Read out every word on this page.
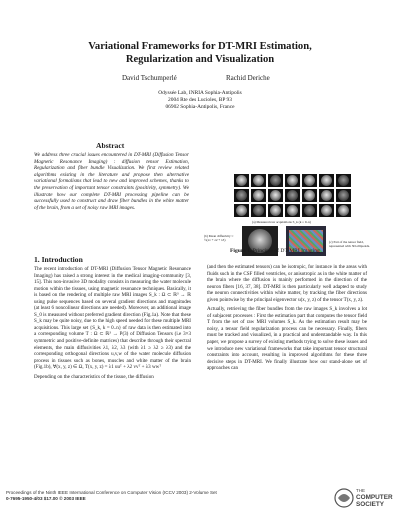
Variational Frameworks for DT-MRI Estimation,
Regularization and Visualization
David Tschumperlé	Rachid Deriche
Odyssée Lab, INRIA Sophia-Antipolis
2004 Rte des Lucioles, BP 93
06902 Sophia-Antipolis, France
Abstract
We address three crucial issues encountered in DT-MRI (Diffusion Tensor Magnetic Resonance Imaging) : diffusion tensor Estimation, Regularization and fiber bundle Visualization. We first review related algorithms existing in the literature and propose then alternative variational formalisms that lead to new and improved schemes, thanks to the preservation of important tensor constraints (positivity, symmetry). We illustrate how our complete DT-MRI processing pipeline can be successfully used to construct and draw fiber bundles in the white matter of the brain, from a set of noisy raw MRI images.
(a) Measured raw acquisitions S_k (k = 0..n)
(b) Mean diffusivity ≈ ½(λ1 + λ2 + λ3)	(c) Part of the tensor field, represented with 3D ellipsoids.
Figure 1. Principle of DT-MRI Imaging
1. Introduction

The recent introduction of DT-MRI (Diffusion Tensor Magnetic Resonance Imaging) has raised a strong interest in the medical imaging-community [3, 15]. This non-invasive 3D modality consists in measuring the water molecule motion within the tissues, using magnetic resonance techniques. Basically, it is based on the rendering of multiple raw MRI images S_k : Ω ⊂ ℝ³ → ℝ using pulse sequences based on several gradient directions and magnitudes (at least 6 noncolinear directions are needed). Moreover, an additional image S_0 is measured without preferred gradient direction (Fig.1a). Note that these S_k may be quite noisy, due to the high speed needed for these multiple MRI acquisitions. This large set {S_k, k = 0..n} of raw data is then estimated into a corresponding volume T : Ω ⊂ ℝ³ → P(3) of Diffusion Tensors (i.e 3×3 symmetric and positive-definite matrices) that describe through their spectral elements, the main diffusivities λ1, λ2, λ3 (with λ1 ≥ λ2 ≥ λ3) and the corresponding orthogonal directions u,v,w of the water molecule diffusion process in tissues such as bones, muscles and white matter of the brain (Fig.1b), ∀(x, y, z) ∈ Ω, T(x, y, z) = λ1 uuᵀ + λ2 vvᵀ + λ3 wwᵀ

Depending on the characteristics of the tissue, the diffusion

(and then the estimated tensors) can be isotropic, for instance in the areas with fluids such in the CSF filled ventricles, or anisotropic as in the white matter of the brain where the diffusion is mainly performed in the direction of the neuron fibers [16, 37, 38]. DT-MRI is then particularly well adapted to study the neuron connectivities within white matter, by tracking the fiber directions given pointwise by the principal eigenvector u(x, y, z) of the tensor T(x, y, z).

Actually, retrieving the fiber bundles from the raw images S_k involves a lot of subjacent processes : First the estimation part that computes the tensor field T from the set of raw MRI volumes S_k. As the estimation result may be noisy, a tensor field regularization process can be necessary. Finally, fibers must be tracked and visualized, in a practical and understandable way. In this paper, we propose a survey of existing methods trying to solve these issues and we introduce new variational frameworks that take important tensor structural constraints into account, resulting in improved algorithms for these three decisive steps in DT-MRI. We finally illustrate how our stand-alone set of approaches can

Proceedings of the Ninth IEEE International Conference on Computer Vision (ICCV 2003) 2-Volume Set
0-7695-1950-4/03 $17.00 © 2003 IEEE
THE
COMPUTER
SOCIETY
